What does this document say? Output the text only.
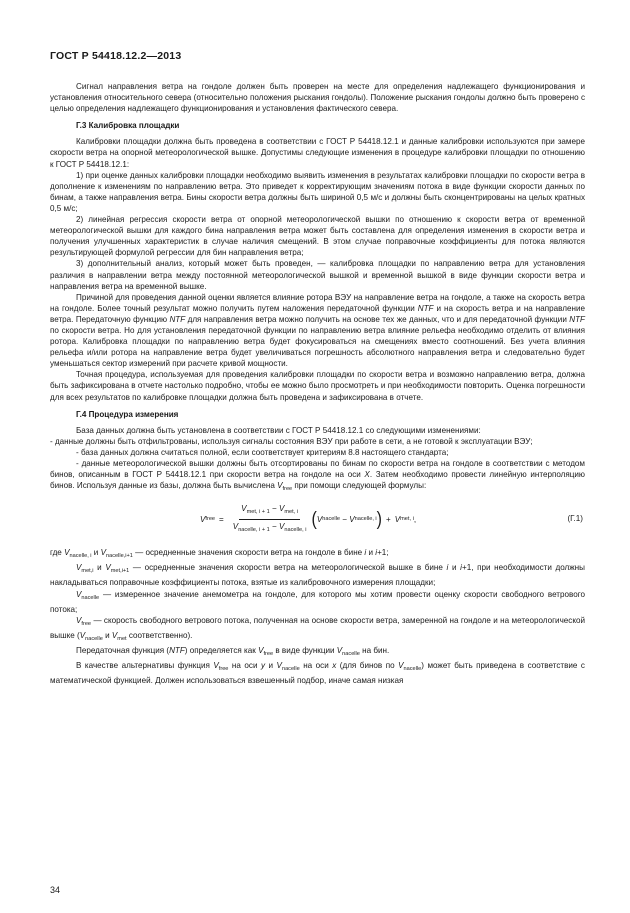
ГОСТ Р 54418.12.2—2013

Сигнал направления ветра на гондоле должен быть проверен на месте для определения надлежащего функционирования и установления относительного севера (относительно положения рыскания гондолы). Положение рыскания гондолы должно быть проверено с целью определения надлежащего функционирования и установления фактического севера.

Г.3 Калибровка площадки

Калибровки площадки должна быть проведена в соответствии с ГОСТ Р 54418.12.1 и данные калибровки используются при замере скорости ветра на опорной метеорологической вышке. Допустимы следующие изменения в процедуре калибровки площадки по отношению к ГОСТ Р 54418.12.1:

1) при оценке данных калибровки площадки необходимо выявить изменения в результатах калибровки площадки по скорости ветра в дополнение к изменениям по направлению ветра. Это приведет к корректирующим значениям потока в виде функции скорости данных по бинам, а также направления ветра. Бины скорости ветра должны быть шириной 0,5 м/с и должны быть сконцентрированы на целых кратных 0,5 м/с;

2) линейная регрессия скорости ветра от опорной метеорологической вышки по отношению к скорости ветра от временной метеорологической вышки для каждого бина направления ветра может быть составлена для определения изменения в скорости ветра и получения улучшенных характеристик в случае наличия смещений. В этом случае поправочные коэффициенты для потока являются результирующей формулой регрессии для бин направления ветра;

3) дополнительный анализ, который может быть проведен, — калибровка площадки по направлению ветра для установления различия в направлении ветра между постоянной метеорологической вышкой и временной вышкой в виде функции скорости ветра и направления ветра на временной вышке.

Причиной для проведения данной оценки является влияние ротора ВЭУ на направление ветра на гондоле, а также на скорость ветра на гондоле. Более точный результат можно получить путем наложения передаточной функции NTF и на скорость ветра и на направление ветра. Передаточную функцию NTF для направления ветра можно получить на основе тех же данных, что и для передаточной функции NTF по скорости ветра. Но для установления передаточной функции по направлению ветра влияние рельефа необходимо отделить от влияния ротора. Калибровка площадки по направлению ветра будет фокусироваться на смещениях вместо соотношений. Без учета влияния рельефа и/или ротора на направление ветра будет увеличиваться погрешность абсолютного направления ветра и следовательно будет уменьшаться сектор измерений при расчете кривой мощности.

Точная процедура, используемая для проведения калибровки площадки по скорости ветра и возможно направлению ветра, должна быть зафиксирована в отчете настолько подробно, чтобы ее можно было просмотреть и при необходимости повторить. Оценка погрешности для всех результатов по калибровке площадки должна быть проведена и зафиксирована в отчете.

Г.4 Процедура измерения

База данных должна быть установлена в соответствии с ГОСТ Р 54418.12.1 со следующими изменениями:

- данные должны быть отфильтрованы, используя сигналы состояния ВЭУ при работе в сети, а не готовой к эксплуатации ВЭУ;

- база данных должна считаться полной, если соответствует критериям 8.8 настоящего стандарта;

- данные метеорологической вышки должны быть отсортированы по бинам по скорости ветра на гондоле в соответствии с методом бинов, описанным в ГОСТ Р 54418.12.1 при скорости ветра на гондоле на оси X. Затем необходимо провести линейную интерполяцию бинов. Используя данные из базы, должна быть вычислена $V_{free}$ при помощи следующей формулы:

V free = $\frac{V_{met, i + 1} - V_{met, i}}{V_{nacelle, i + 1} - V_{nacelle, i}}$ ( V nacelle
−
V nacelle, i ) + V met, i ,	(Г.1)

где $V_{nacelle, i}$ и $V_{nacelle,i+1}$ — осредненные значения скорости ветра на гондоле в бине i и i+1;

$V_{met,i}$ и $V_{met,i+1}$ — осредненные значения скорости ветра на метеорологической вышке в бине i и i+1, при необходимости должны накладываться поправочные коэффициенты потока, взятые из калибровочного измерения площадки;

$V_{nacelle}$ — измеренное значение анемометра на гондоле, для которого мы хотим провести оценку скорости свободного ветрового потока;

$V_{free}$ — скорость свободного ветрового потока, полученная на основе скорости ветра, замеренной на гондоле и на метеорологической вышке ($V_{nacelle}$ и $V_{met}$ соответственно).

Передаточная функция (NTF) определяется как $V_{free}$ в виде функции $V_{nacelle}$ на бин.

В качестве альтернативы функция $V_{free}$ на оси y и $V_{nacelle}$ на оси x (для бинов по $V_{nacelle}$) может быть приведена в соответствие с математической функцией. Должен использоваться взвешенный подбор, иначе самая низкая

34
